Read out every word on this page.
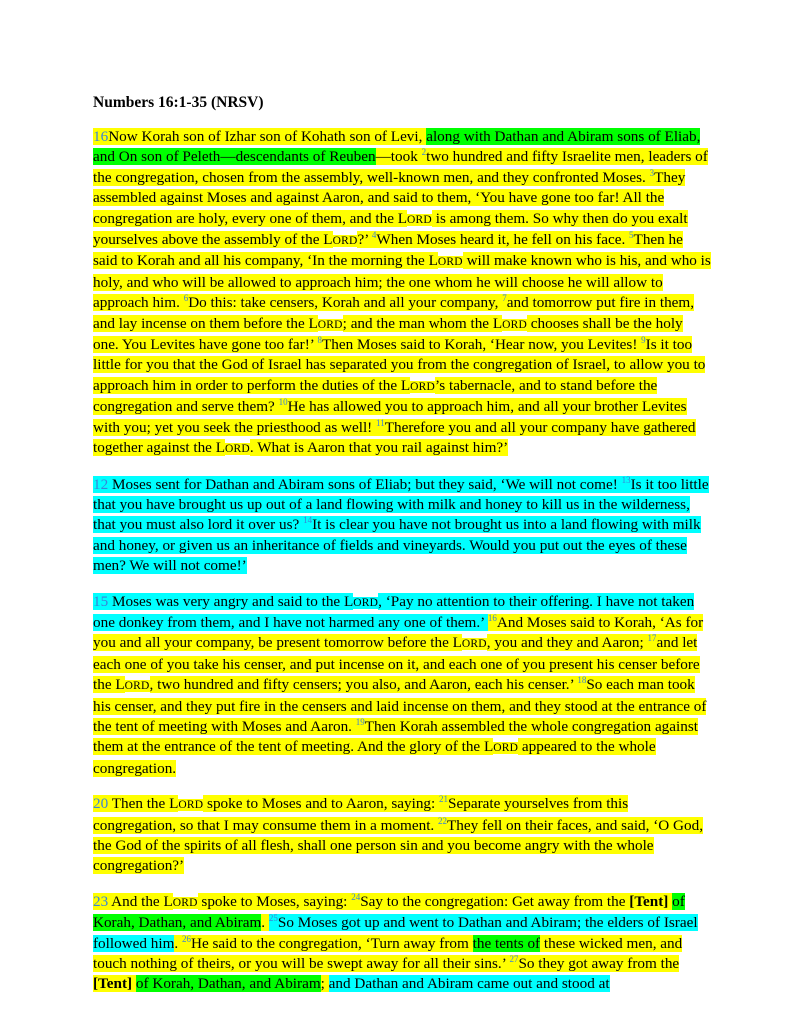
Numbers 16:1-35 (NRSV)

16Now Korah son of Izhar son of Kohath son of Levi, along with Dathan and Abiram sons of Eliab, and On son of Peleth—descendants of Reuben—took $^2$two hundred and fifty Israelite men, leaders of the congregation, chosen from the assembly, well-known men, and they confronted Moses. $^3$They assembled against Moses and against Aaron, and said to them, ‘You have gone too far! All the congregation are holy, every one of them, and the LORD is among them. So why then do you exalt yourselves above the assembly of the LORD?’ $^4$When Moses heard it, he fell on his face. $^5$Then he said to Korah and all his company, ‘In the morning the LORD will make known who is his, and who is holy, and who will be allowed to approach him; the one whom he will choose he will allow to approach him. $^6$Do this: take censers, Korah and all your company, $^7$and tomorrow put fire in them, and lay incense on them before the LORD; and the man whom the LORD chooses shall be the holy one. You Levites have gone too far!’ $^8$Then Moses said to Korah, ‘Hear now, you Levites! $^9$Is it too little for you that the God of Israel has separated you from the congregation of Israel, to allow you to approach him in order to perform the duties of the LORD’s tabernacle, and to stand before the congregation and serve them? $^{10}$He has allowed you to approach him, and all your brother Levites with you; yet you seek the priesthood as well! $^{11}$Therefore you and all your company have gathered together against the LORD. What is Aaron that you rail against him?’

12 Moses sent for Dathan and Abiram sons of Eliab; but they said, ‘We will not come! $^{13}$Is it too little that you have brought us up out of a land flowing with milk and honey to kill us in the wilderness, that you must also lord it over us? $^{14}$It is clear you have not brought us into a land flowing with milk and honey, or given us an inheritance of fields and vineyards. Would you put out the eyes of these men? We will not come!’

15 Moses was very angry and said to the LORD, ‘Pay no attention to their offering. I have not taken one donkey from them, and I have not harmed any one of them.’ $^{16}$And Moses said to Korah, ‘As for you and all your company, be present tomorrow before the LORD, you and they and Aaron; $^{17}$and let each one of you take his censer, and put incense on it, and each one of you present his censer before the LORD, two hundred and fifty censers; you also, and Aaron, each his censer.’ $^{18}$So each man took his censer, and they put fire in the censers and laid incense on them, and they stood at the entrance of the tent of meeting with Moses and Aaron. $^{19}$Then Korah assembled the whole congregation against them at the entrance of the tent of meeting. And the glory of the LORD appeared to the whole congregation.

20 Then the LORD spoke to Moses and to Aaron, saying: $^{21}$Separate yourselves from this congregation, so that I may consume them in a moment. $^{22}$They fell on their faces, and said, ‘O God, the God of the spirits of all flesh, shall one person sin and you become angry with the whole congregation?’

23 And the LORD spoke to Moses, saying: $^{24}$Say to the congregation: Get away from the [Tent] of Korah, Dathan, and Abiram. $^{25}$So Moses got up and went to Dathan and Abiram; the elders of Israel followed him. $^{26}$He said to the congregation, ‘Turn away from the tents of these wicked men, and touch nothing of theirs, or you will be swept away for all their sins.’ $^{27}$So they got away from the [Tent] of Korah, Dathan, and Abiram; and Dathan and Abiram came out and stood at
